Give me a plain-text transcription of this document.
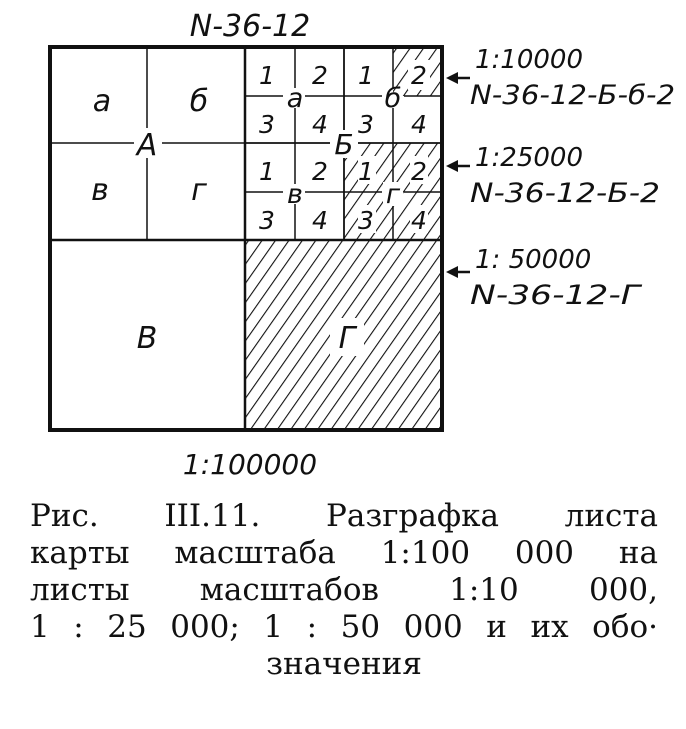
N-36-12
а	б
А
в	г
Б
а	б
в	г
1 2
3 4
1 2
3 4
1 2
3 4
1 2
3 4
В	Г
1:10000
N-36-12-Б-б-2
1:25000
N-36-12-Б-2
1: 50000
N-36-12-Г
1:100000
Рис. III.11. Разграфка листа
карты масштаба 1:100 000 на
листы масштабов 1:10 000,
1 : 25 000; 1 : 50 000 и их обо·
значения
